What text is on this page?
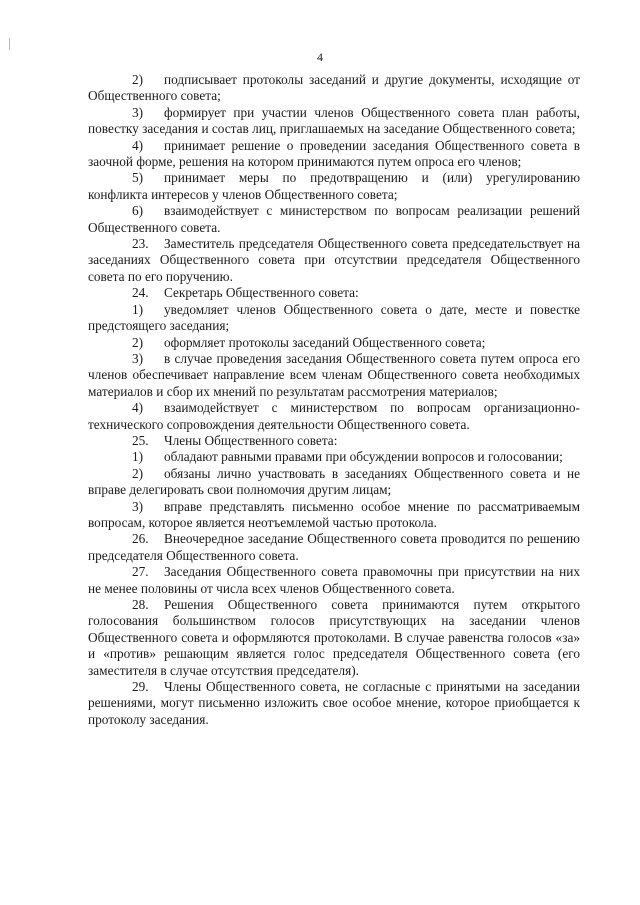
4

2) подписывает протоколы заседаний и другие документы, исходящие от Общественного совета;

3) формирует при участии членов Общественного совета план работы, повестку заседания и состав лиц, приглашаемых на заседание Общественного совета;

4) принимает решение о проведении заседания Общественного совета в заочной форме, решения на котором принимаются путем опроса его членов;

5) принимает меры по предотвращению и (или) урегулированию конфликта интересов у членов Общественного совета;

6) взаимодействует с министерством по вопросам реализации решений Общественного совета.

23. Заместитель председателя Общественного совета председательствует на заседаниях Общественного совета при отсутствии председателя Общественного совета по его поручению.

24. Секретарь Общественного совета:

1) уведомляет членов Общественного совета о дате, месте и повестке предстоящего заседания;

2) оформляет протоколы заседаний Общественного совета;

3) в случае проведения заседания Общественного совета путем опроса его членов обеспечивает направление всем членам Общественного совета необходимых материалов и сбор их мнений по результатам рассмотрения материалов;

4) взаимодействует с министерством по вопросам организационно-технического сопровождения деятельности Общественного совета.

25. Члены Общественного совета:

1) обладают равными правами при обсуждении вопросов и голосовании;

2) обязаны лично участвовать в заседаниях Общественного совета и не вправе делегировать свои полномочия другим лицам;

3) вправе представлять письменно особое мнение по рассматриваемым вопросам, которое является неотъемлемой частью протокола.

26. Внеочередное заседание Общественного совета проводится по решению председателя Общественного совета.

27. Заседания Общественного совета правомочны при присутствии на них не менее половины от числа всех членов Общественного совета.

28. Решения Общественного совета принимаются путем открытого голосования большинством голосов присутствующих на заседании членов Общественного совета и оформляются протоколами. В случае равенства голосов «за» и «против» решающим является голос председателя Общественного совета (его заместителя в случае отсутствия председателя).

29. Члены Общественного совета, не согласные с принятыми на заседании решениями, могут письменно изложить свое особое мнение, которое приобщается к протоколу заседания.
